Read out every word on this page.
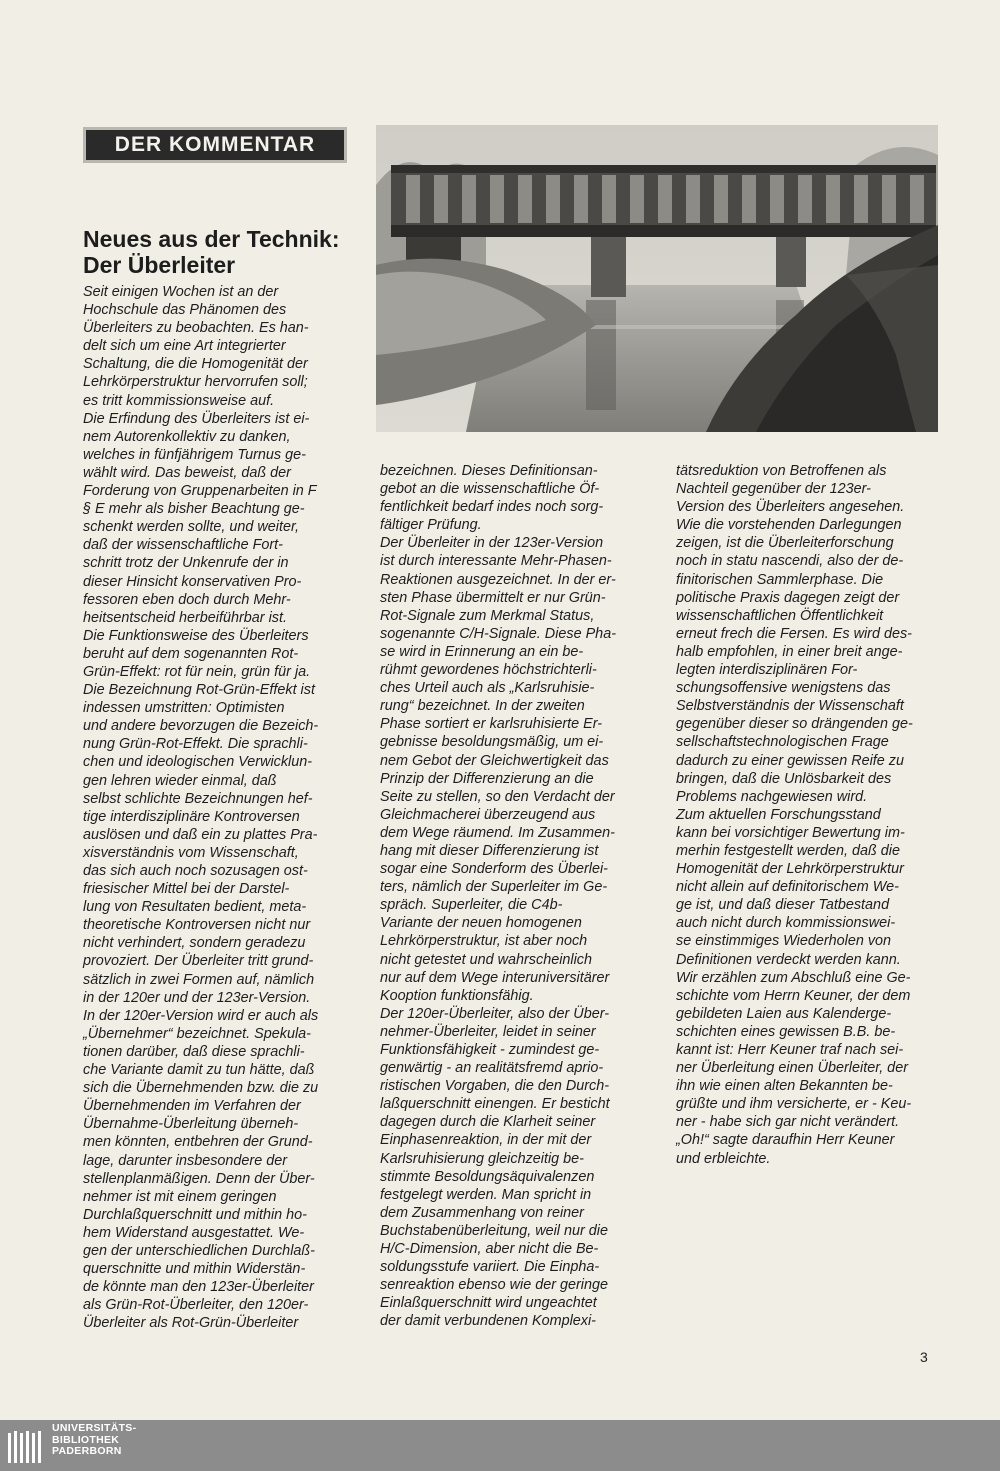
DER KOMMENTAR
Neues aus der Technik:
Der Überleiter

Seit einigen Wochen ist an der
Hochschule das Phänomen des
Überleiters zu beobachten. Es han-
delt sich um eine Art integrierter
Schaltung, die die Homogenität der
Lehrkörperstruktur hervorrufen soll;
es tritt kommissionsweise auf.
Die Erfindung des Überleiters ist ei-
nem Autorenkollektiv zu danken,
welches in fünfjährigem Turnus ge-
wählt wird. Das beweist, daß der
Forderung von Gruppenarbeiten in F
§ E mehr als bisher Beachtung ge-
schenkt werden sollte, und weiter,
daß der wissenschaftliche Fort-
schritt trotz der Unkenrufe der in
dieser Hinsicht konservativen Pro-
fessoren eben doch durch Mehr-
heitsentscheid herbeiführbar ist.
Die Funktionsweise des Überleiters
beruht auf dem sogenannten Rot-
Grün-Effekt: rot für nein, grün für ja.
Die Bezeichnung Rot-Grün-Effekt ist
indessen umstritten: Optimisten
und andere bevorzugen die Bezeich-
nung Grün-Rot-Effekt. Die sprachli-
chen und ideologischen Verwicklun-
gen lehren wieder einmal, daß
selbst schlichte Bezeichnungen hef-
tige interdisziplinäre Kontroversen
auslösen und daß ein zu plattes Pra-
xisverständnis vom Wissenschaft,
das sich auch noch sozusagen ost-
friesischer Mittel bei der Darstel-
lung von Resultaten bedient, meta-
theoretische Kontroversen nicht nur
nicht verhindert, sondern geradezu
provoziert. Der Überleiter tritt grund-
sätzlich in zwei Formen auf, nämlich
in der 120er und der 123er-Version.
In der 120er-Version wird er auch als
„Übernehmer“ bezeichnet. Spekula-
tionen darüber, daß diese sprachli-
che Variante damit zu tun hätte, daß
sich die Übernehmenden bzw. die zu
Übernehmenden im Verfahren der
Übernahme-Überleitung überneh-
men könnten, entbehren der Grund-
lage, darunter insbesondere der
stellenplanmäßigen. Denn der Über-
nehmer ist mit einem geringen
Durchlaßquerschnitt und mithin ho-
hem Widerstand ausgestattet. We-
gen der unterschiedlichen Durchlaß-
querschnitte und mithin Widerstän-
de könnte man den 123er-Überleiter
als Grün-Rot-Überleiter, den 120er-
Überleiter als Rot-Grün-Überleiter

bezeichnen. Dieses Definitionsan-
gebot an die wissenschaftliche Öf-
fentlichkeit bedarf indes noch sorg-
fältiger Prüfung.
Der Überleiter in der 123er-Version
ist durch interessante Mehr-Phasen-
Reaktionen ausgezeichnet. In der er-
sten Phase übermittelt er nur Grün-
Rot-Signale zum Merkmal Status,
sogenannte C/H-Signale. Diese Pha-
se wird in Erinnerung an ein be-
rühmt gewordenes höchstrichterli-
ches Urteil auch als „Karlsruhisie-
rung“ bezeichnet. In der zweiten
Phase sortiert er karlsruhisierte Er-
gebnisse besoldungsmäßig, um ei-
nem Gebot der Gleichwertigkeit das
Prinzip der Differenzierung an die
Seite zu stellen, so den Verdacht der
Gleichmacherei überzeugend aus
dem Wege räumend. Im Zusammen-
hang mit dieser Differenzierung ist
sogar eine Sonderform des Überlei-
ters, nämlich der Superleiter im Ge-
spräch. Superleiter, die C4b-
Variante der neuen homogenen
Lehrkörperstruktur, ist aber noch
nicht getestet und wahrscheinlich
nur auf dem Wege interuniversitärer
Kooption funktionsfähig.
Der 120er-Überleiter, also der Über-
nehmer-Überleiter, leidet in seiner
Funktionsfähigkeit - zumindest ge-
genwärtig - an realitätsfremd aprio-
ristischen Vorgaben, die den Durch-
laßquerschnitt einengen. Er besticht
dagegen durch die Klarheit seiner
Einphasenreaktion, in der mit der
Karlsruhisierung gleichzeitig be-
stimmte Besoldungsäquivalenzen
festgelegt werden. Man spricht in
dem Zusammenhang von reiner
Buchstabenüberleitung, weil nur die
H/C-Dimension, aber nicht die Be-
soldungsstufe variiert. Die Einpha-
senreaktion ebenso wie der geringe
Einlaßquerschnitt wird ungeachtet
der damit verbundenen Komplexi-

tätsreduktion von Betroffenen als
Nachteil gegenüber der 123er-
Version des Überleiters angesehen.
Wie die vorstehenden Darlegungen
zeigen, ist die Überleiterforschung
noch in statu nascendi, also der de-
finitorischen Sammlerphase. Die
politische Praxis dagegen zeigt der
wissenschaftlichen Öffentlichkeit
erneut frech die Fersen. Es wird des-
halb empfohlen, in einer breit ange-
legten interdisziplinären For-
schungsoffensive wenigstens das
Selbstverständnis der Wissenschaft
gegenüber dieser so drängenden ge-
sellschaftstechnologischen Frage
dadurch zu einer gewissen Reife zu
bringen, daß die Unlösbarkeit des
Problems nachgewiesen wird.
Zum aktuellen Forschungsstand
kann bei vorsichtiger Bewertung im-
merhin festgestellt werden, daß die
Homogenität der Lehrkörperstruktur
nicht allein auf definitorischem We-
ge ist, und daß dieser Tatbestand
auch nicht durch kommissionswei-
se einstimmiges Wiederholen von
Definitionen verdeckt werden kann.
Wir erzählen zum Abschluß eine Ge-
schichte vom Herrn Keuner, der dem
gebildeten Laien aus Kalenderge-
schichten eines gewissen B.B. be-
kannt ist: Herr Keuner traf nach sei-
ner Überleitung einen Überleiter, der
ihn wie einen alten Bekannten be-
grüßte und ihm versicherte, er - Keu-
ner - habe sich gar nicht verändert.
„Oh!“ sagte daraufhin Herr Keuner
und erbleichte.

3
UNIVERSITÄTS-
BIBLIOTHEK
PADERBORN
